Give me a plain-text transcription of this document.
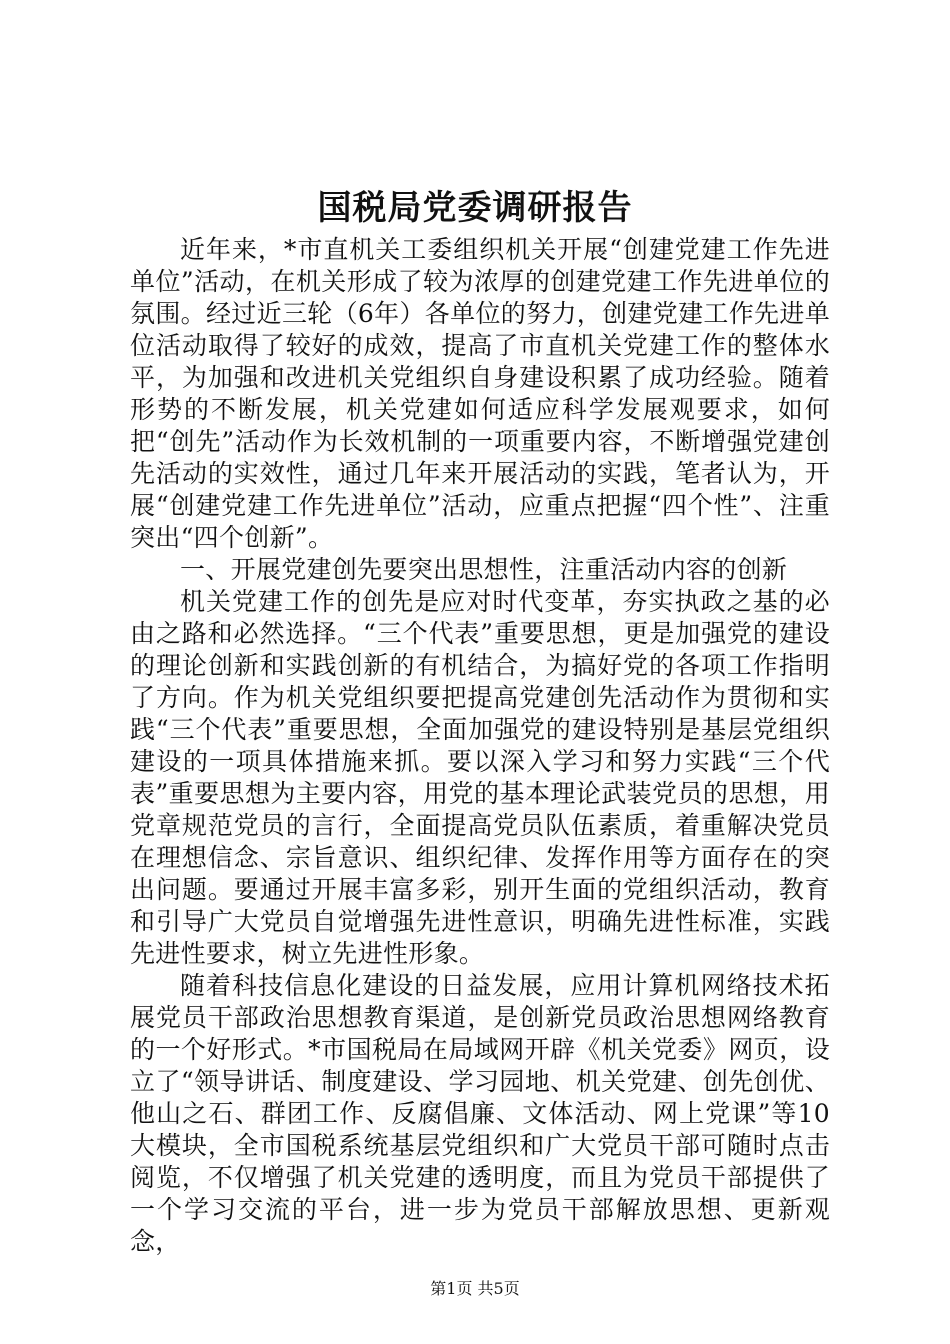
国税局党委调研报告

近年来，*市直机关工委组织机关开展“创建党建工作先进单位”活动，在机关形成了较为浓厚的创建党建工作先进单位的氛围。经过近三轮（6年）各单位的努力，创建党建工作先进单位活动取得了较好的成效，提高了市直机关党建工作的整体水平，为加强和改进机关党组织自身建设积累了成功经验。随着形势的不断发展，机关党建如何适应科学发展观要求，如何把“创先”活动作为长效机制的一项重要内容，不断增强党建创先活动的实效性，通过几年来开展活动的实践，笔者认为，开展“创建党建工作先进单位”活动，应重点把握“四个性”、注重突出“四个创新”。

一、开展党建创先要突出思想性，注重活动内容的创新

机关党建工作的创先是应对时代变革，夯实执政之基的必由之路和必然选择。“三个代表”重要思想，更是加强党的建设的理论创新和实践创新的有机结合，为搞好党的各项工作指明了方向。作为机关党组织要把提高党建创先活动作为贯彻和实践“三个代表”重要思想，全面加强党的建设特别是基层党组织建设的一项具体措施来抓。要以深入学习和努力实践“三个代表”重要思想为主要内容，用党的基本理论武装党员的思想，用党章规范党员的言行，全面提高党员队伍素质，着重解决党员在理想信念、宗旨意识、组织纪律、发挥作用等方面存在的突出问题。要通过开展丰富多彩，别开生面的党组织活动，教育和引导广大党员自觉增强先进性意识，明确先进性标准，实践先进性要求，树立先进性形象。

随着科技信息化建设的日益发展，应用计算机网络技术拓展党员干部政治思想教育渠道，是创新党员政治思想网络教育的一个好形式。*市国税局在局域网开辟《机关党委》网页，设立了“领导讲话、制度建设、学习园地、机关党建、创先创优、他山之石、群团工作、反腐倡廉、文体活动、网上党课”等10大模块，全市国税系统基层党组织和广大党员干部可随时点击阅览，不仅增强了机关党建的透明度，而且为党员干部提供了一个学习交流的平台，进一步为党员干部解放思想、更新观念，

第1页 共5页
